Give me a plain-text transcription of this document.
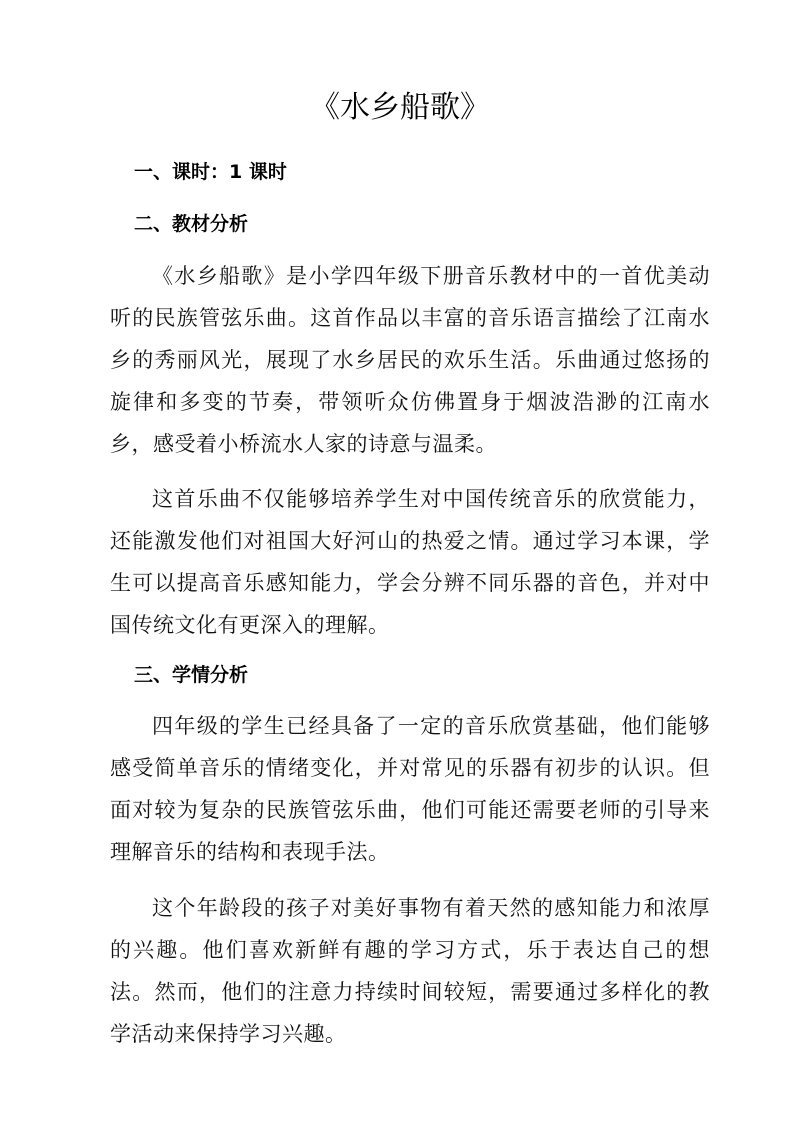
《水乡船歌》
一、课时：1 课时
二、教材分析

《水乡船歌》是小学四年级下册音乐教材中的一首优美动听的民族管弦乐曲。这首作品以丰富的音乐语言描绘了江南水乡的秀丽风光，展现了水乡居民的欢乐生活。乐曲通过悠扬的旋律和多变的节奏，带领听众仿佛置身于烟波浩渺的江南水乡，感受着小桥流水人家的诗意与温柔。

这首乐曲不仅能够培养学生对中国传统音乐的欣赏能力，还能激发他们对祖国大好河山的热爱之情。通过学习本课，学生可以提高音乐感知能力，学会分辨不同乐器的音色，并对中国传统文化有更深入的理解。

三、学情分析

四年级的学生已经具备了一定的音乐欣赏基础，他们能够感受简单音乐的情绪变化，并对常见的乐器有初步的认识。但面对较为复杂的民族管弦乐曲，他们可能还需要老师的引导来理解音乐的结构和表现手法。

这个年龄段的孩子对美好事物有着天然的感知能力和浓厚的兴趣。他们喜欢新鲜有趣的学习方式，乐于表达自己的想法。然而，他们的注意力持续时间较短，需要通过多样化的教学活动来保持学习兴趣。
